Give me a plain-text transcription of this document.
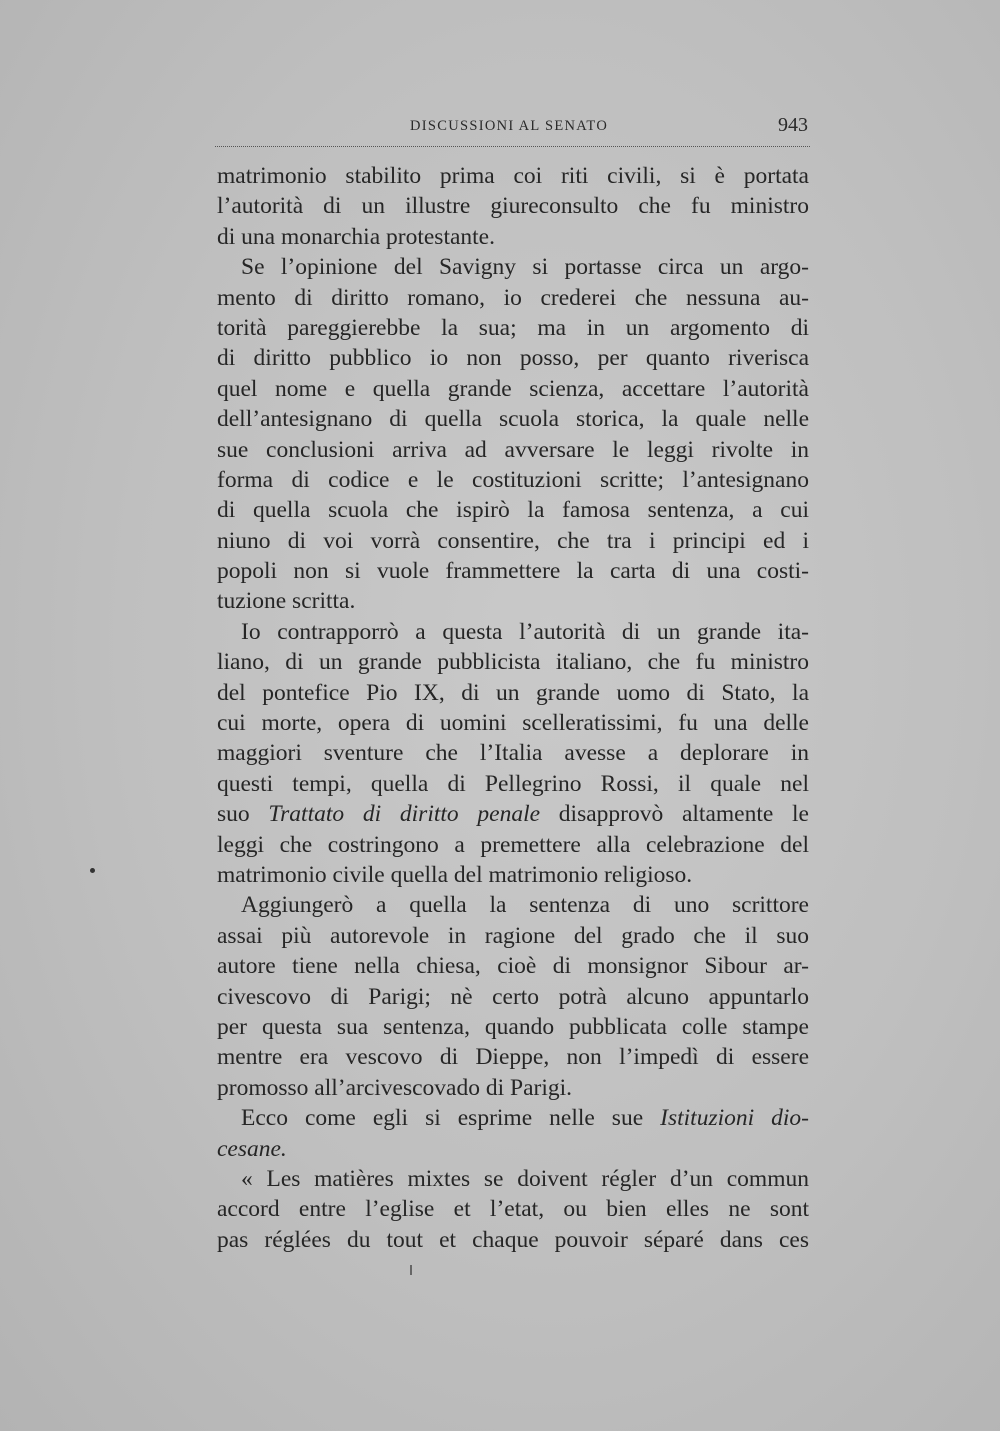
DISCUSSIONI AL SENATO	943
matrimonio stabilito prima coi riti civili, si è portata
l’autorità di un illustre giureconsulto che fu ministro
di una monarchia protestante.
Se l’opinione del Savigny si portasse circa un argo-
mento di diritto romano, io crederei che nessuna au-
torità pareggierebbe la sua; ma in un argomento di
di diritto pubblico io non posso, per quanto riverisca
quel nome e quella grande scienza, accettare l’autorità
dell’antesignano di quella scuola storica, la quale nelle
sue conclusioni arriva ad avversare le leggi rivolte in
forma di codice e le costituzioni scritte; l’antesignano
di quella scuola che ispirò la famosa sentenza, a cui
niuno di voi vorrà consentire, che tra i principi ed i
popoli non si vuole frammettere la carta di una costi-
tuzione scritta.
Io contrapporrò a questa l’autorità di un grande ita-
liano, di un grande pubblicista italiano, che fu ministro
del pontefice Pio IX, di un grande uomo di Stato, la
cui morte, opera di uomini scelleratissimi, fu una delle
maggiori sventure che l’Italia avesse a deplorare in
questi tempi, quella di Pellegrino Rossi, il quale nel
suo Trattato di diritto penale disapprovò altamente le
leggi che costringono a premettere alla celebrazione del
matrimonio civile quella del matrimonio religioso.
Aggiungerò a quella la sentenza di uno scrittore
assai più autorevole in ragione del grado che il suo
autore tiene nella chiesa, cioè di monsignor Sibour ar-
civescovo di Parigi; nè certo potrà alcuno appuntarlo
per questa sua sentenza, quando pubblicata colle stampe
mentre era vescovo di Dieppe, non l’impedì di essere
promosso all’arcivescovado di Parigi.
Ecco come egli si esprime nelle sue Istituzioni dio-
cesane.
« Les matières mixtes se doivent régler d’un commun
accord entre l’eglise et l’etat, ou bien elles ne sont
pas réglées du tout et chaque pouvoir séparé dans ces
